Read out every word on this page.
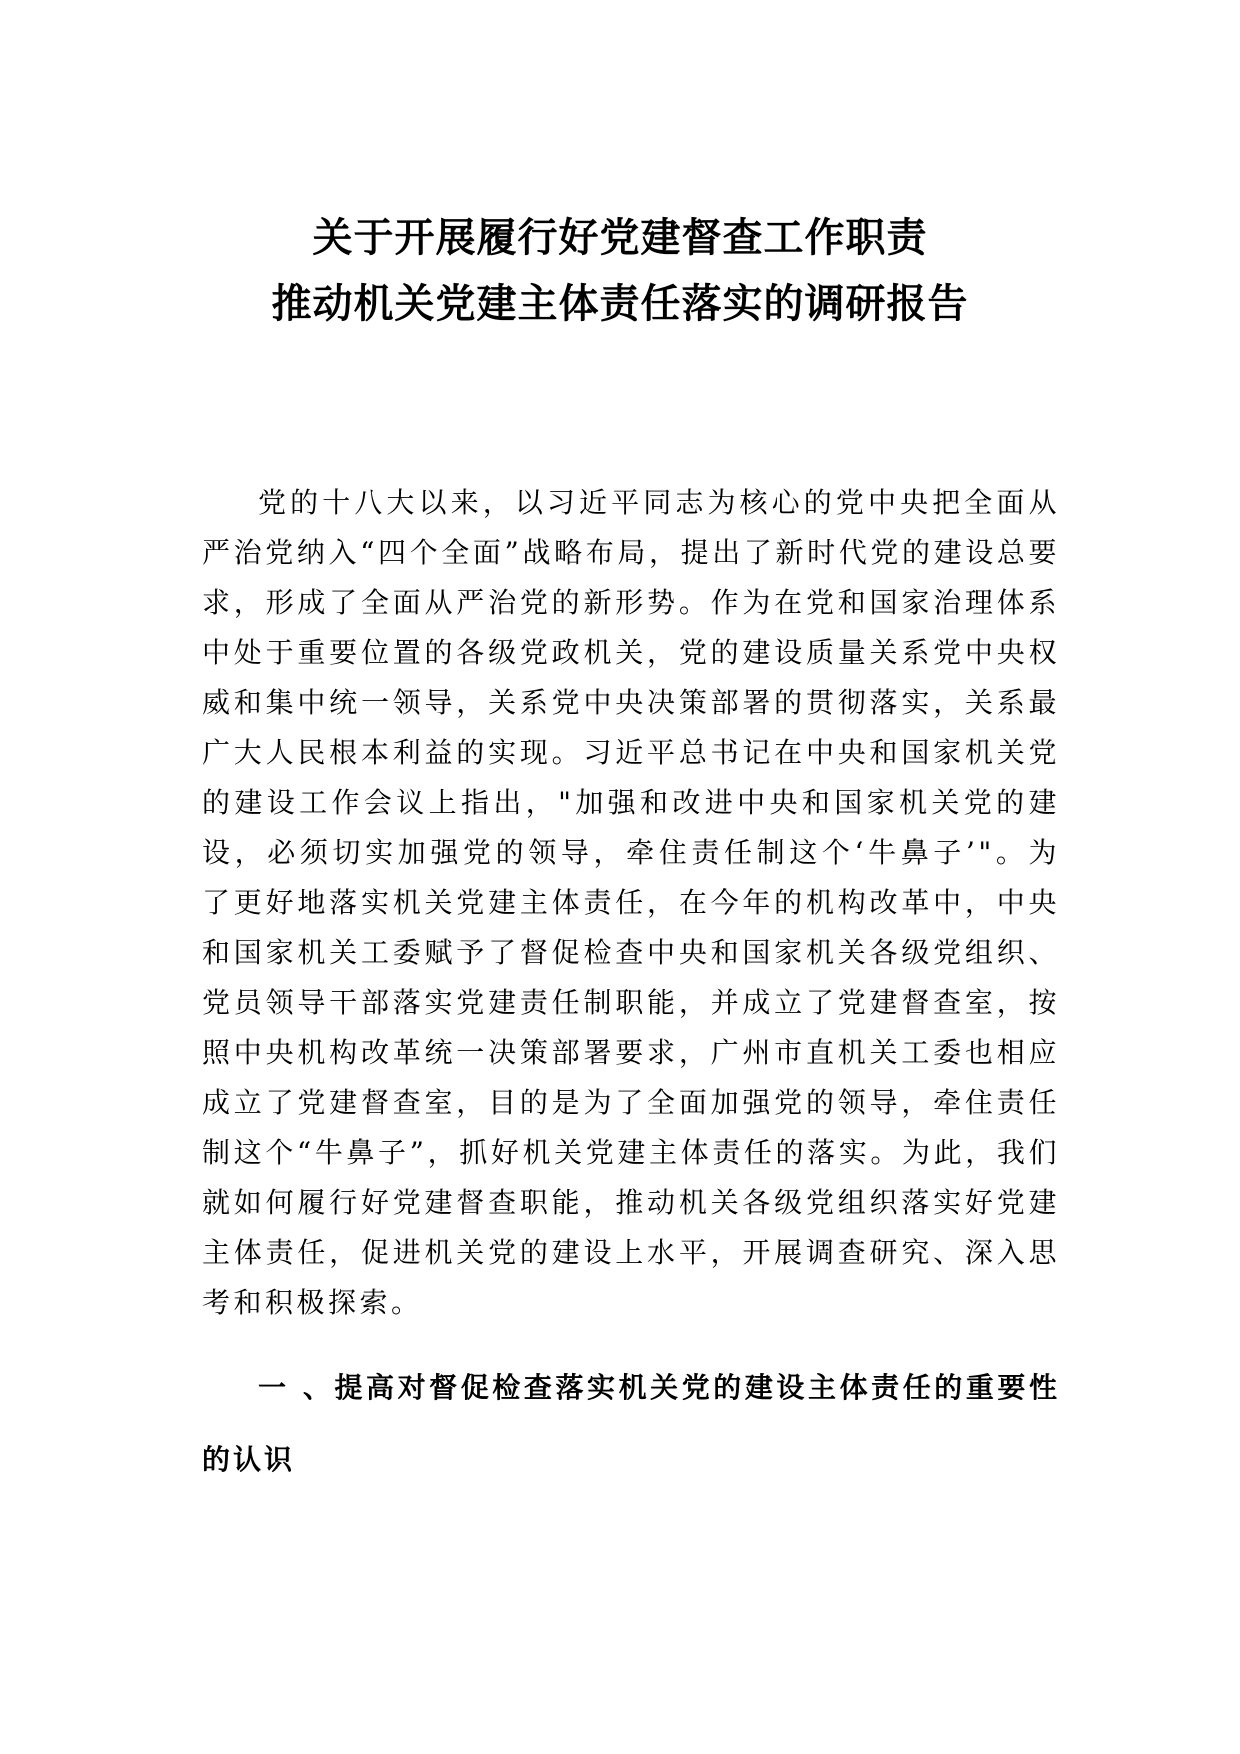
关于开展履行好党建督查工作职责
推动机关党建主体责任落实的调研报告

党的十八大以来，以习近平同志为核心的党中央把全面从严治党纳入“四个全面”战略布局，提出了新时代党的建设总要求，形成了全面从严治党的新形势。作为在党和国家治理体系中处于重要位置的各级党政机关，党的建设质量关系党中央权威和集中统一领导，关系党中央决策部署的贯彻落实，关系最广大人民根本利益的实现。习近平总书记在中央和国家机关党的建设工作会议上指出，"加强和改进中央和国家机关党的建设，必须切实加强党的领导，牵住责任制这个‘牛鼻子’"。为了更好地落实机关党建主体责任，在今年的机构改革中，中央和国家机关工委赋予了督促检查中央和国家机关各级党组织、党员领导干部落实党建责任制职能，并成立了党建督查室，按照中央机构改革统一决策部署要求，广州市直机关工委也相应成立了党建督查室，目的是为了全面加强党的领导，牵住责任制这个“牛鼻子”，抓好机关党建主体责任的落实。为此，我们就如何履行好党建督查职能，推动机关各级党组织落实好党建主体责任，促进机关党的建设上水平，开展调查研究、深入思考和积极探索。

一 、提高对督促检查落实机关党的建设主体责任的重要性的认识
